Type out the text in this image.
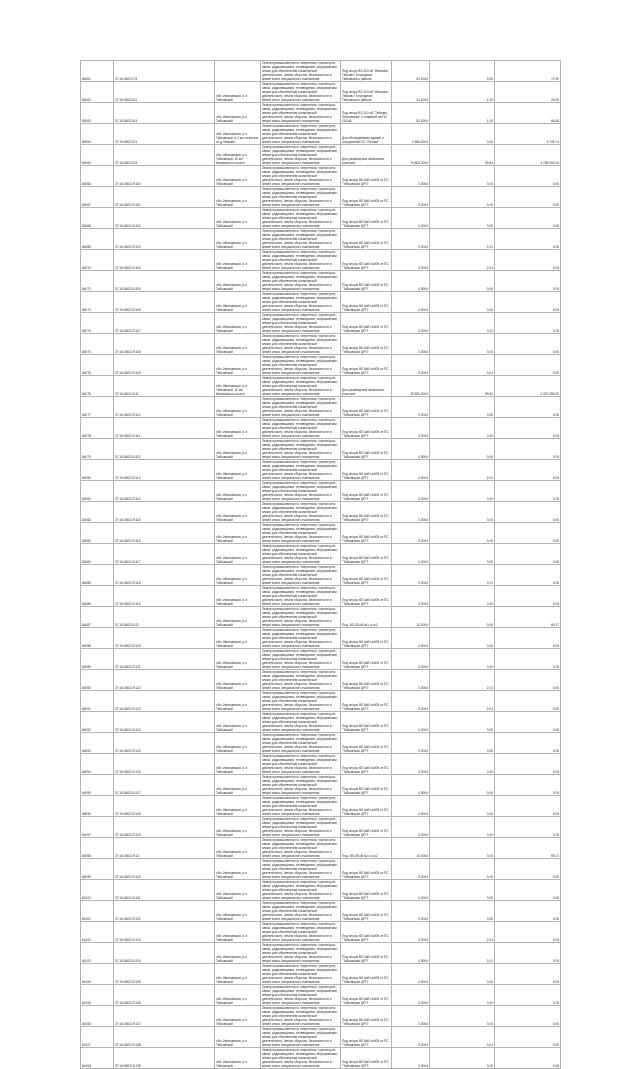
84061	37:16:060217:8		Земли промышленности, энергетики, транспорта, связи, радиовещания, телевидения, информатики, земли для обеспечения космической деятельности, земли обороны, безопасности и земли иного специального назначения	Под опору ВЛ-110 кВ "Иваново-Тейково" в пределах Тейковского района	81,0004	9,00	72,90
84062	37:16:060218:1	обл. Ивановская, р-н Тейковский	Земли промышленности, энергетики, транспорта, связи, радиовещания, телевидения, информатики, земли для обеспечения космической деятельности, земли обороны, безопасности и земли иного специального назначения	Под опору ВЛ-110 кВ "Иваново-Тейково" в пределах Тейковского района	31,0004	1,00	25,00
84063	37:16:060216:3	обл. Ивановская, р-н Тейковский	Земли промышленности, энергетики, транспорта, связи, радиовещания, телевидения, информатики, земли для обеспечения космической деятельности, земли обороны, безопасности и земли иного специального назначения	Под опору ВЛ-110 кВ "Тейково-Петровская" с отпайкой на ПС 110 кВ	81,0004	1,00	68,45
84064	37:16:060219:1	обл. Ивановская, р-н Тейковский, в 2 км на восток от д.Левково	Земли промышленности, энергетики, транспорта, связи, радиовещания, телевидения, информатики, земли для обеспечения космической деятельности, земли обороны, безопасности и земли иного специального назначения	Для обслуживания зданий и сооружений ПС "Лесная"	0,884,0004	0,00	5.745,74
84065	37:16:060219:3	обл. Ивановская, р-н Тейковский, 10 км Ивановского шоссе	Земли промышленности, энергетики, транспорта, связи, радиовещания, телевидения, информатики, земли для обеспечения космической деятельности, земли обороны, безопасности и земли иного специального назначения	Для размещения земельных участков	79,800,0004	59,84	4.785.094,00
84066	37:16:060219:100	обл. Ивановская, р-н Тейковский	Земли промышленности, энергетики, транспорта, связи, радиовещания, телевидения, информатики, земли для обеспечения космической деятельности, земли обороны, безопасности и земли иного специального назначения	Под опоры ВЛ-6кВ №605 от ПС "Тейковская ЦРП"	0,0004	0,00	0,05
84067	37:16:060219:101	обл. Ивановская, р-н Тейковский	Земли промышленности, энергетики, транспорта, связи, радиовещания, телевидения, информатики, земли для обеспечения космической деятельности, земли обороны, безопасности и земли иного специального назначения	Под опоры ВЛ-6кВ №605 от ПС "Тейковская ЦРП"	0,0004	0,00	0,05
84068	37:16:060219:102	обл. Ивановская, р-н Тейковский	Земли промышленности, энергетики, транспорта, связи, радиовещания, телевидения, информатики, земли для обеспечения космической деятельности, земли обороны, безопасности и земли иного специального назначения	Под опоры ВЛ-6кВ №605 от ПС "Тейковская ЦРП"	0,0004	0,00	0,05
84069	37:16:060219:103	обл. Ивановская, р-н Тейковский	Земли промышленности, энергетики, транспорта, связи, радиовещания, телевидения, информатики, земли для обеспечения космической деятельности, земли обороны, безопасности и земли иного специального назначения	Под опоры ВЛ-6кВ №605 от ПС "Тейковская ЦРП"	0,0004	2,01	0,05
84070	37:16:060219:104	обл. Ивановская, р-н Тейковский	Земли промышленности, энергетики, транспорта, связи, радиовещания, телевидения, информатики, земли для обеспечения космической деятельности, земли обороны, безопасности и земли иного специального назначения	Под опоры ВЛ-6кВ №605 от ПС "Тейковская ЦРП"	0,0004	2,01	0,05
84071	37:16:060219:105	обл. Ивановская, р-н Тейковский	Земли промышленности, энергетики, транспорта, связи, радиовещания, телевидения, информатики, земли для обеспечения космической деятельности, земли обороны, безопасности и земли иного специального назначения	Под опоры ВЛ-6кВ №605 от ПС "Тейковская ЦРП"	0,0004	0,00	0,05
84072	37:16:060219:106	обл. Ивановская, р-н Тейковский	Земли промышленности, энергетики, транспорта, связи, радиовещания, телевидения, информатики, земли для обеспечения космической деятельности, земли обороны, безопасности и земли иного специального назначения	Под опоры ВЛ-6кВ №605 от ПС "Тейковская ЦРП"	0,0004	0,00	0,05
84073	37:16:060219:107	обл. Ивановская, р-н Тейковский	Земли промышленности, энергетики, транспорта, связи, радиовещания, телевидения, информатики, земли для обеспечения космической деятельности, земли обороны, безопасности и земли иного специального назначения	Под опоры ВЛ-6кВ №605 от ПС "Тейковская ЦРП"	0,0004	0,01	0,05
84074	37:16:060219:108	обл. Ивановская, р-н Тейковский	Земли промышленности, энергетики, транспорта, связи, радиовещания, телевидения, информатики, земли для обеспечения космической деятельности, земли обороны, безопасности и земли иного специального назначения	Под опоры ВЛ-6кВ №605 от ПС "Тейковская ЦРП"	0,0004	0,00	0,05
84075	37:16:060219:109	обл. Ивановская, р-н Тейковский	Земли промышленности, энергетики, транспорта, связи, радиовещания, телевидения, информатики, земли для обеспечения космической деятельности, земли обороны, безопасности и земли иного специального назначения	Под опоры ВЛ-6кВ №605 от ПС "Тейковская ЦРП"	0,0004	0,01	0,05
84076	37:16:060219:11	обл. Ивановская, р-н Тейковский, 10 км Ивановского шоссе	Земли промышленности, энергетики, транспорта, связи, радиовещания, телевидения, информатики, земли для обеспечения космической деятельности, земли обороны, безопасности и земли иного специального назначения	Для размещения земельных участков	35,800,0004	59,84	2.057.256,00
84077	37:16:060219:110	обл. Ивановская, р-н Тейковский	Земли промышленности, энергетики, транспорта, связи, радиовещания, телевидения, информатики, земли для обеспечения космической деятельности, земли обороны, безопасности и земли иного специального назначения	Под опоры ВЛ-6кВ №605 от ПС "Тейковская ЦРП"	0,0004	0,00	0,05
84078	37:16:060219:111	обл. Ивановская, р-н Тейковский	Земли промышленности, энергетики, транспорта, связи, радиовещания, телевидения, информатики, земли для обеспечения космической деятельности, земли обороны, безопасности и земли иного специального назначения	Под опоры ВЛ-6кВ №605 от ПС "Тейковская ЦРП"	0,0004	0,00	0,05
84079	37:16:060219:112	обл. Ивановская, р-н Тейковский	Земли промышленности, энергетики, транспорта, связи, радиовещания, телевидения, информатики, земли для обеспечения космической деятельности, земли обороны, безопасности и земли иного специального назначения	Под опоры ВЛ-6кВ №605 от ПС "Тейковская ЦРП"	0,0004	0,00	0,05
84080	37:16:060219:113	обл. Ивановская, р-н Тейковский	Земли промышленности, энергетики, транспорта, связи, радиовещания, телевидения, информатики, земли для обеспечения космической деятельности, земли обороны, безопасности и земли иного специального назначения	Под опоры ВЛ-6кВ №605 от ПС "Тейковская ЦРП"	0,0004	2,01	0,05
84081	37:16:060219:114	обл. Ивановская, р-н Тейковский	Земли промышленности, энергетики, транспорта, связи, радиовещания, телевидения, информатики, земли для обеспечения космической деятельности, земли обороны, безопасности и земли иного специального назначения	Под опоры ВЛ-6кВ №605 от ПС "Тейковская ЦРП"	0,0004	0,00	0,05
84082	37:16:060219:115	обл. Ивановская, р-н Тейковский	Земли промышленности, энергетики, транспорта, связи, радиовещания, телевидения, информатики, земли для обеспечения космической деятельности, земли обороны, безопасности и земли иного специального назначения	Под опоры ВЛ-6кВ №605 от ПС "Тейковская ЦРП"	0,0004	0,00	0,05
84083	37:16:060219:116	обл. Ивановская, р-н Тейковский	Земли промышленности, энергетики, транспорта, связи, радиовещания, телевидения, информатики, земли для обеспечения космической деятельности, земли обороны, безопасности и земли иного специального назначения	Под опоры ВЛ-6кВ №605 от ПС "Тейковская ЦРП"	0,0004	0,00	0,05
84084	37:16:060219:117	обл. Ивановская, р-н Тейковский	Земли промышленности, энергетики, транспорта, связи, радиовещания, телевидения, информатики, земли для обеспечения космической деятельности, земли обороны, безопасности и земли иного специального назначения	Под опоры ВЛ-6кВ №605 от ПС "Тейковская ЦРП"	0,0004	0,00	0,05
84085	37:16:060219:118	обл. Ивановская, р-н Тейковский	Земли промышленности, энергетики, транспорта, связи, радиовещания, телевидения, информатики, земли для обеспечения космической деятельности, земли обороны, безопасности и земли иного специального назначения	Под опоры ВЛ-6кВ №605 от ПС "Тейковская ЦРП"	0,0004	0,01	0,05
84086	37:16:060219:119	обл. Ивановская, р-н Тейковский	Земли промышленности, энергетики, транспорта, связи, радиовещания, телевидения, информатики, земли для обеспечения космической деятельности, земли обороны, безопасности и земли иного специального назначения	Под опоры ВЛ-6кВ №605 от ПС "Тейковская ЦРП"	0,0004	0,00	0,05
84087	37:16:060219:12	обл. Ивановская, р-н Тейковский	Земли промышленности, энергетики, транспорта, связи, радиовещания, телевидения, информатики, земли для обеспечения космической деятельности, земли обороны, безопасности и земли иного специального назначения	Под. ВЛ-35 кВ №1 и №2	10,0004	0,00	69,17
84088	37:16:060219:120	обл. Ивановская, р-н Тейковский	Земли промышленности, энергетики, транспорта, связи, радиовещания, телевидения, информатики, земли для обеспечения космической деятельности, земли обороны, безопасности и земли иного специального назначения	Под опоры ВЛ-6кВ №605 от ПС "Тейковская ЦРП"	0,0004	0,00	0,05
84089	37:16:060219:121	обл. Ивановская, р-н Тейковский	Земли промышленности, энергетики, транспорта, связи, радиовещания, телевидения, информатики, земли для обеспечения космической деятельности, земли обороны, безопасности и земли иного специального назначения	Под опоры ВЛ-6кВ №605 от ПС "Тейковская ЦРП"	0,0004	0,00	0,05
84090	37:16:060219:122	обл. Ивановская, р-н Тейковский	Земли промышленности, энергетики, транспорта, связи, радиовещания, телевидения, информатики, земли для обеспечения космической деятельности, земли обороны, безопасности и земли иного специального назначения	Под опоры ВЛ-6кВ №605 от ПС "Тейковская ЦРП"	0,0004	2,01	0,05
84091	37:16:060219:123	обл. Ивановская, р-н Тейковский	Земли промышленности, энергетики, транспорта, связи, радиовещания, телевидения, информатики, земли для обеспечения космической деятельности, земли обороны, безопасности и земли иного специального назначения	Под опоры ВЛ-6кВ №605 от ПС "Тейковская ЦРП"	0,0004	2,01	0,05
84092	37:16:060219:124	обл. Ивановская, р-н Тейковский	Земли промышленности, энергетики, транспорта, связи, радиовещания, телевидения, информатики, земли для обеспечения космической деятельности, земли обороны, безопасности и земли иного специального назначения	Под опоры ВЛ-6кВ №605 от ПС "Тейковская ЦРП"	0,0004	0,00	0,05
84093	37:16:060219:125	обл. Ивановская, р-н Тейковский	Земли промышленности, энергетики, транспорта, связи, радиовещания, телевидения, информатики, земли для обеспечения космической деятельности, земли обороны, безопасности и земли иного специального назначения	Под опоры ВЛ-6кВ №605 от ПС "Тейковская ЦРП"	0,0004	0,00	0,05
84094	37:16:060219:126	обл. Ивановская, р-н Тейковский	Земли промышленности, энергетики, транспорта, связи, радиовещания, телевидения, информатики, земли для обеспечения космической деятельности, земли обороны, безопасности и земли иного специального назначения	Под опоры ВЛ-6кВ №605 от ПС "Тейковская ЦРП"	0,0004	0,00	0,05
84095	37:16:060219:127	обл. Ивановская, р-н Тейковский	Земли промышленности, энергетики, транспорта, связи, радиовещания, телевидения, информатики, земли для обеспечения космической деятельности, земли обороны, безопасности и земли иного специального назначения	Под опоры ВЛ-6кВ №605 от ПС "Тейковская ЦРП"	0,0004	0,00	0,05
84096	37:16:060219:128	обл. Ивановская, р-н Тейковский	Земли промышленности, энергетики, транспорта, связи, радиовещания, телевидения, информатики, земли для обеспечения космической деятельности, земли обороны, безопасности и земли иного специального назначения	Под опоры ВЛ-6кВ №605 от ПС "Тейковская ЦРП"	0,0004	0,00	0,05
84097	37:16:060219:129	обл. Ивановская, р-н Тейковский	Земли промышленности, энергетики, транспорта, связи, радиовещания, телевидения, информатики, земли для обеспечения космической деятельности, земли обороны, безопасности и земли иного специального назначения	Под опоры ВЛ-6кВ №605 от ПС "Тейковская ЦРП"	0,0004	0,00	0,05
84098	37:16:060219:13	обл. Ивановская, р-н Тейковский	Земли промышленности, энергетики, транспорта, связи, радиовещания, телевидения, информатики, земли для обеспечения космической деятельности, земли обороны, безопасности и земли иного специального назначения	Под. ВЛ-35 кВ №1 и №2	10,0004	0,00	69,17
84099	37:16:060219:130	обл. Ивановская, р-н Тейковский	Земли промышленности, энергетики, транспорта, связи, радиовещания, телевидения, информатики, земли для обеспечения космической деятельности, земли обороны, безопасности и земли иного специального назначения	Под опоры ВЛ-6кВ №605 от ПС "Тейковская ЦРП"	0,0004	0,00	0,05
84100	37:16:060219:131	обл. Ивановская, р-н Тейковский	Земли промышленности, энергетики, транспорта, связи, радиовещания, телевидения, информатики, земли для обеспечения космической деятельности, земли обороны, безопасности и земли иного специального назначения	Под опоры ВЛ-6кВ №605 от ПС "Тейковская ЦРП"	0,0004	0,00	0,05
84101	37:16:060219:132	обл. Ивановская, р-н Тейковский	Земли промышленности, энергетики, транспорта, связи, радиовещания, телевидения, информатики, земли для обеспечения космической деятельности, земли обороны, безопасности и земли иного специального назначения	Под опоры ВЛ-6кВ №605 от ПС "Тейковская ЦРП"	0,0004	0,00	0,05
84102	37:16:060219:133	обл. Ивановская, р-н Тейковский	Земли промышленности, энергетики, транспорта, связи, радиовещания, телевидения, информатики, земли для обеспечения космической деятельности, земли обороны, безопасности и земли иного специального назначения	Под опоры ВЛ-6кВ №605 от ПС "Тейковская ЦРП"	0,0004	2,01	0,05
84103	37:16:060219:134	обл. Ивановская, р-н Тейковский	Земли промышленности, энергетики, транспорта, связи, радиовещания, телевидения, информатики, земли для обеспечения космической деятельности, земли обороны, безопасности и земли иного специального назначения	Под опоры ВЛ-6кВ №605 от ПС "Тейковская ЦРП"	0,0004	2,01	0,05
84104	37:16:060219:135	обл. Ивановская, р-н Тейковский	Земли промышленности, энергетики, транспорта, связи, радиовещания, телевидения, информатики, земли для обеспечения космической деятельности, земли обороны, безопасности и земли иного специального назначения	Под опоры ВЛ-6кВ №605 от ПС "Тейковская ЦРП"	0,0004	0,00	0,05
84105	37:16:060219:136	обл. Ивановская, р-н Тейковский	Земли промышленности, энергетики, транспорта, связи, радиовещания, телевидения, информатики, земли для обеспечения космической деятельности, земли обороны, безопасности и земли иного специального назначения	Под опоры ВЛ-6кВ №605 от ПС "Тейковская ЦРП"	0,0004	0,00	0,05
84106	37:16:060219:137	обл. Ивановская, р-н Тейковский	Земли промышленности, энергетики, транспорта, связи, радиовещания, телевидения, информатики, земли для обеспечения космической деятельности, земли обороны, безопасности и земли иного специального назначения	Под опоры ВЛ-6кВ №605 от ПС "Тейковская ЦРП"	0,0004	0,00	0,05
84107	37:16:060219:138	обл. Ивановская, р-н Тейковский	Земли промышленности, энергетики, транспорта, связи, радиовещания, телевидения, информатики, земли для обеспечения космической деятельности, земли обороны, безопасности и земли иного специального назначения	Под опоры ВЛ-6кВ №605 от ПС "Тейковская ЦРП"	0,0004	0,01	0,05
84108	37:16:060219:139	обл. Ивановская, р-н Тейковский	Земли промышленности, энергетики, транспорта, связи, радиовещания, телевидения, информатики, земли для обеспечения космической деятельности, земли обороны, безопасности и земли иного специального назначения	Под опоры ВЛ-6кВ №605 от ПС "Тейковская ЦРП"	0,0004	0,00	0,05
